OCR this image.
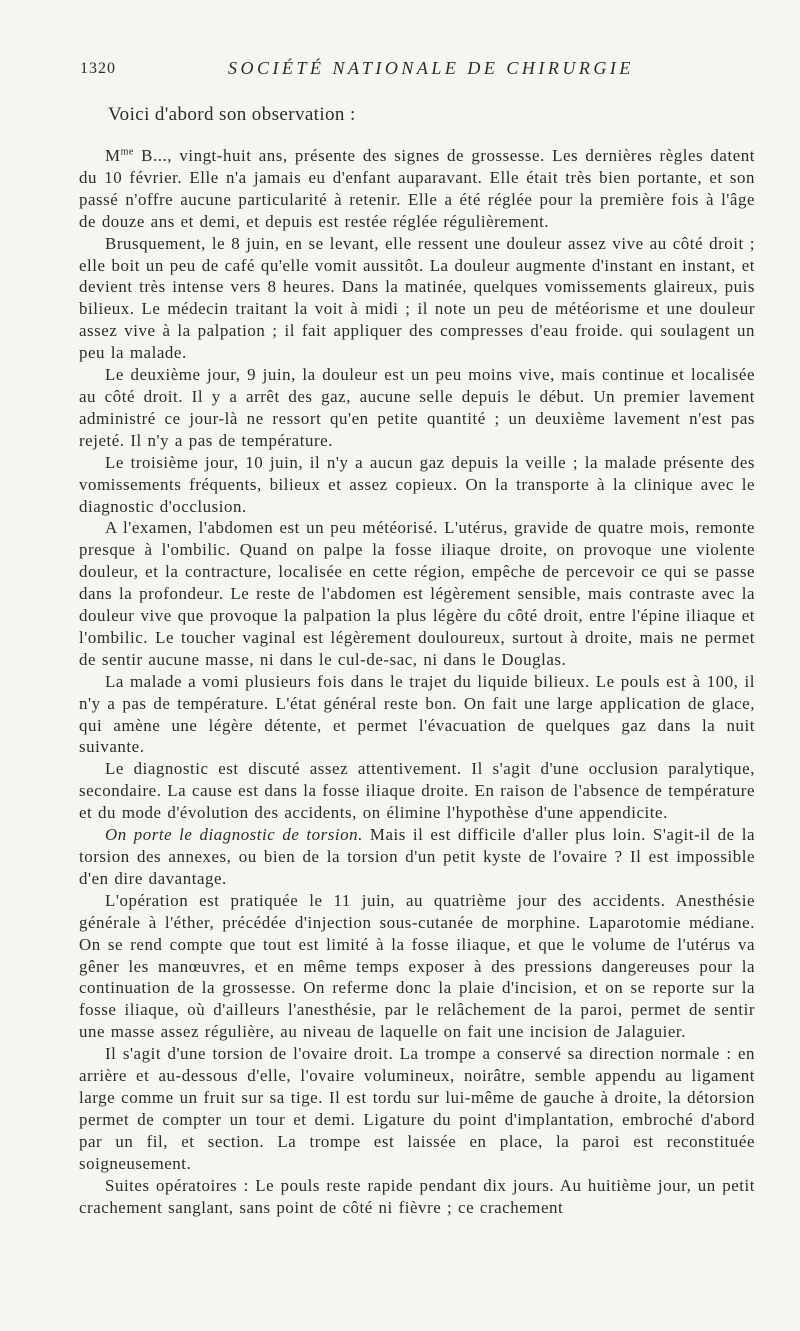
1320	SOCIÉTÉ NATIONALE DE CHIRURGIE
Voici d'abord son observation :

$M^{me}$ B..., vingt-huit ans, présente des signes de grossesse. Les dernières règles datent du 10 février. Elle n'a jamais eu d'enfant auparavant. Elle était très bien portante, et son passé n'offre aucune particularité à retenir. Elle a été réglée pour la première fois à l'âge de douze ans et demi, et depuis est restée réglée régulièrement.

Brusquement, le 8 juin, en se levant, elle ressent une douleur assez vive au côté droit ; elle boit un peu de café qu'elle vomit aussitôt. La douleur augmente d'instant en instant, et devient très intense vers 8 heures. Dans la matinée, quelques vomissements glaireux, puis bilieux. Le médecin traitant la voit à midi ; il note un peu de météorisme et une douleur assez vive à la palpation ; il fait appliquer des compresses d'eau froide. qui soulagent un peu la malade.

Le deuxième jour, 9 juin, la douleur est un peu moins vive, mais continue et localisée au côté droit. Il y a arrêt des gaz, aucune selle depuis le début. Un premier lavement administré ce jour-là ne ressort qu'en petite quantité ; un deuxième lavement n'est pas rejeté. Il n'y a pas de température.

Le troisième jour, 10 juin, il n'y a aucun gaz depuis la veille ; la malade présente des vomissements fréquents, bilieux et assez copieux. On la transporte à la clinique avec le diagnostic d'occlusion.

A l'examen, l'abdomen est un peu météorisé. L'utérus, gravide de quatre mois, remonte presque à l'ombilic. Quand on palpe la fosse iliaque droite, on provoque une violente douleur, et la contracture, localisée en cette région, empêche de percevoir ce qui se passe dans la profondeur. Le reste de l'abdomen est légèrement sensible, mais contraste avec la douleur vive que provoque la palpation la plus légère du côté droit, entre l'épine iliaque et l'ombilic. Le toucher vaginal est légèrement douloureux, surtout à droite, mais ne permet de sentir aucune masse, ni dans le cul-de-sac, ni dans le Douglas.

La malade a vomi plusieurs fois dans le trajet du liquide bilieux. Le pouls est à 100, il n'y a pas de température. L'état général reste bon. On fait une large application de glace, qui amène une légère détente, et permet l'évacuation de quelques gaz dans la nuit suivante.

Le diagnostic est discuté assez attentivement. Il s'agit d'une occlusion paralytique, secondaire. La cause est dans la fosse iliaque droite. En raison de l'absence de température et du mode d'évolution des accidents, on élimine l'hypothèse d'une appendicite.

On porte le diagnostic de torsion. Mais il est difficile d'aller plus loin. S'agit-il de la torsion des annexes, ou bien de la torsion d'un petit kyste de l'ovaire ? Il est impossible d'en dire davantage.

L'opération est pratiquée le 11 juin, au quatrième jour des accidents. Anesthésie générale à l'éther, précédée d'injection sous-cutanée de morphine. Laparotomie médiane. On se rend compte que tout est limité à la fosse iliaque, et que le volume de l'utérus va gêner les manœuvres, et en même temps exposer à des pressions dangereuses pour la continuation de la grossesse. On referme donc la plaie d'incision, et on se reporte sur la fosse iliaque, où d'ailleurs l'anesthésie, par le relâchement de la paroi, permet de sentir une masse assez régulière, au niveau de laquelle on fait une incision de Jalaguier.

Il s'agit d'une torsion de l'ovaire droit. La trompe a conservé sa direction normale : en arrière et au-dessous d'elle, l'ovaire volumineux, noirâtre, semble appendu au ligament large comme un fruit sur sa tige. Il est tordu sur lui-même de gauche à droite, la détorsion permet de compter un tour et demi. Ligature du point d'implantation, embroché d'abord par un fil, et section. La trompe est laissée en place, la paroi est reconstituée soigneusement.

Suites opératoires : Le pouls reste rapide pendant dix jours. Au huitième jour, un petit crachement sanglant, sans point de côté ni fièvre ; ce crachement
